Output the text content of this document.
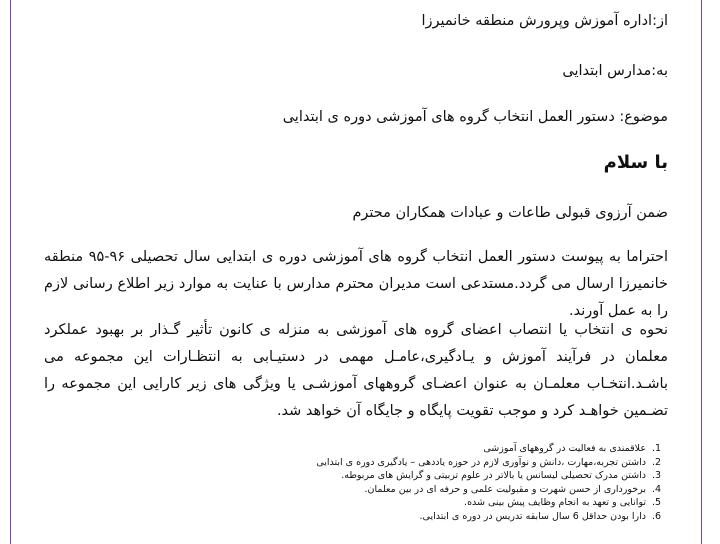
از:اداره آموزش وپرورش منطقه خانمیرزا
به:مدارس ابتدایی
موضوع: دستور العمل انتخاب گروه های آموزشی دوره ی ابتدایی
با سلام
ضمن آرزوی قبولی طاعات و عبادات همکاران محترم
احتراما به پیوست دستور العمل انتخاب گروه های آموزشی دوره ی ابتدایی سال تحصیلی ۹۶-۹۵ منطقه خانمیرزا ارسال می گردد.مستدعی است مدیران محترم مدارس با عنایت به موارد زیر اطلاع رسانی لازم را به عمل آورند.
نحوه ی انتخاب یا انتصاب اعضای گروه های آموزشی به منزله ی کانون تأثیر گـذار بر بهبود عملکرد معلمان در فرآیند آموزش و یـادگیری،عامـل مهمی در دستیـابی به انتظـارات این مجموعه می باشـد.انتخـاب معلمـان به عنوان اعضـای گروههای آموزشـی یا ویژگی های زیر کارایی این مجموعه را تضـمین خواهـد کرد و موجب تقویت پایگاه و جایگاه آن خواهد شد.
1.
علاقمندی به فعالیت در گروههای آموزشی
2.
داشتن تجربه،مهارت ،دانش و نوآوری لازم در حوزه یاددهی – یادگیری دوره ی ابتدایی
3.
داشتن مدرک تحصیلی لیسانس یا بالاتر در علوم تربیتی و گرایش های مربوطه.
4.
برخورداری از حسن شهرت و مقبولیت علمی و حرفه ای در بین معلمان.
5.
توانایی و تعهد به انجام وظایف پیش بینی شده.
6.
دارا بودن حداقل 6 سال سابقه تدریس در دوره ی ابتدایی.
